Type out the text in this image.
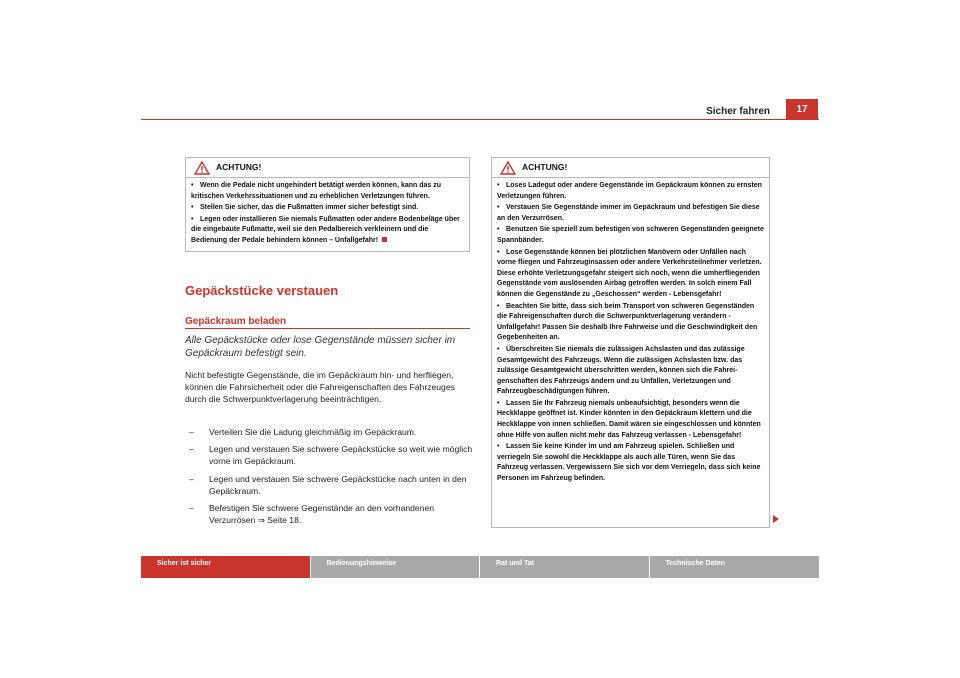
Sicher fahren	17
ACHTUNG!
• Wenn die Pedale nicht ungehindert betätigt werden können, kann das zu kritischen Verkehrssituationen und zu erheblichen Verletzungen führen.
• Stellen Sie sicher, das die Fußmatten immer sicher befestigt sind.
• Legen oder installieren Sie niemals Fußmatten oder andere Bodenbeläge über die eingebaute Fußmatte, weil sie den Pedalbereich verkleinern und die Bedienung der Pedale behindern können – Unfallgefahr!
Gepäckstücke verstauen
Gepäckraum beladen
Alle Gepäckstücke oder lose Gegenstände müssen sicher im Gepäckraum befestigt sein.
Nicht befestigte Gegenstände, die im Gepäckraum hin- und herfliegen, können die Fahrsicherheit oder die Fahreigenschaften des Fahrzeuges durch die Schwerpunktverlagerung beeinträchtigen.
– Verteilen Sie die Ladung gleichmäßig im Gepäckraum.
– Legen und verstauen Sie schwere Gepäckstücke so weit wie möglich vorne im Gepäckraum.
– Legen und verstauen Sie schwere Gepäckstücke nach unten in den Gepäckraum.
– Befestigen Sie schwere Gegenstände an den vorhandenen Verzurrösen ⇒ Seite 18.
ACHTUNG!
• Loses Ladegut oder andere Gegenstände im Gepäckraum können zu ernsten Verletzungen führen.
• Verstauen Sie Gegenstände immer im Gepäckraum und befestigen Sie diese an den Verzurrösen.
• Benutzen Sie speziell zum befestigen von schweren Gegenständen geeignete Spannbänder.
• Lose Gegenstände können bei plötzlichen Manövern oder Unfällen nach vorne fliegen und Fahrzeuginsassen oder andere Verkehrsteilnehmer verletzen. Diese erhöhte Verletzungsgefahr steigert sich noch, wenn die umherfliegenden Gegenstände vom auslösenden Airbag getroffen werden. In solch einem Fall können die Gegenstände zu „Geschossen“ werden - Lebensgefahr!
• Beachten Sie bitte, dass sich beim Transport von schweren Gegenständen die Fahreigenschaften durch die Schwerpunktverlagerung verändern - Unfallgefahr! Passen Sie deshalb Ihre Fahrweise und die Geschwindigkeit den Gegebenheiten an.
• Überschreiten Sie niemals die zulässigen Achslasten und das zulässige Gesamtgewicht des Fahrzeugs. Wenn die zulässigen Achslasten bzw. das zulässige Gesamtgewicht überschritten werden, können sich die Fahreigenschaften des Fahrzeugs ändern und zu Unfällen, Verletzungen und Fahrzeugbeschädigungen führen.
• Lassen Sie Ihr Fahrzeug niemals unbeaufsichtigt, besonders wenn die Heckklappe geöffnet ist. Kinder könnten in den Gepäckraum klettern und die Heckklappe von innen schließen. Damit wären sie eingeschlossen und könnten ohne Hilfe von außen nicht mehr das Fahrzeug verlassen - Lebensgefahr!
• Lassen Sie keine Kinder im und am Fahrzeug spielen. Schließen und verriegeln Sie sowohl die Heckklappe als auch alle Türen, wenn Sie das Fahrzeug verlassen. Vergewissern Sie sich vor dem Verriegeln, dass sich keine Personen im Fahrzeug befinden.
Sicher ist sicher	Bedienungshinweise	Rat und Tat	Technische Daten
